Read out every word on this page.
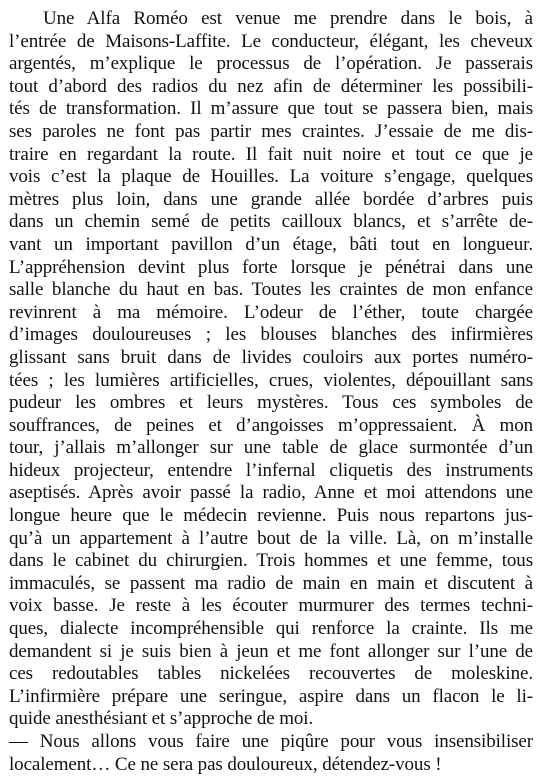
Une Alfa Roméo est venue me prendre dans le bois, à
l’entrée de Maisons-Laffite. Le conducteur, élégant, les cheveux
argentés, m’explique le processus de l’opération. Je passerais
tout d’abord des radios du nez afin de déterminer les possibili-
tés de transformation. Il m’assure que tout se passera bien, mais
ses paroles ne font pas partir mes craintes. J’essaie de me dis-
traire en regardant la route. Il fait nuit noire et tout ce que je
vois c’est la plaque de Houilles. La voiture s’engage, quelques
mètres plus loin, dans une grande allée bordée d’arbres puis
dans un chemin semé de petits cailloux blancs, et s’arrête de-
vant un important pavillon d’un étage, bâti tout en longueur.
L’appréhension devint plus forte lorsque je pénétrai dans une
salle blanche du haut en bas. Toutes les craintes de mon enfance
revinrent à ma mémoire. L’odeur de l’éther, toute chargée
d’images douloureuses ; les blouses blanches des infirmières
glissant sans bruit dans de livides couloirs aux portes numéro-
tées ; les lumières artificielles, crues, violentes, dépouillant sans
pudeur les ombres et leurs mystères. Tous ces symboles de
souffrances, de peines et d’angoisses m’oppressaient. À mon
tour, j’allais m’allonger sur une table de glace surmontée d’un
hideux projecteur, entendre l’infernal cliquetis des instruments
aseptisés. Après avoir passé la radio, Anne et moi attendons une
longue heure que le médecin revienne. Puis nous repartons jus-
qu’à un appartement à l’autre bout de la ville. Là, on m’installe
dans le cabinet du chirurgien. Trois hommes et une femme, tous
immaculés, se passent ma radio de main en main et discutent à
voix basse. Je reste à les écouter murmurer des termes techni-
ques, dialecte incompréhensible qui renforce la crainte. Ils me
demandent si je suis bien à jeun et me font allonger sur l’une de
ces redoutables tables nickelées recouvertes de moleskine.
L’infirmière prépare une seringue, aspire dans un flacon le li-
quide anesthésiant et s’approche de moi.
— Nous allons vous faire une piqûre pour vous insensibiliser
localement… Ce ne sera pas douloureux, détendez-vous !
